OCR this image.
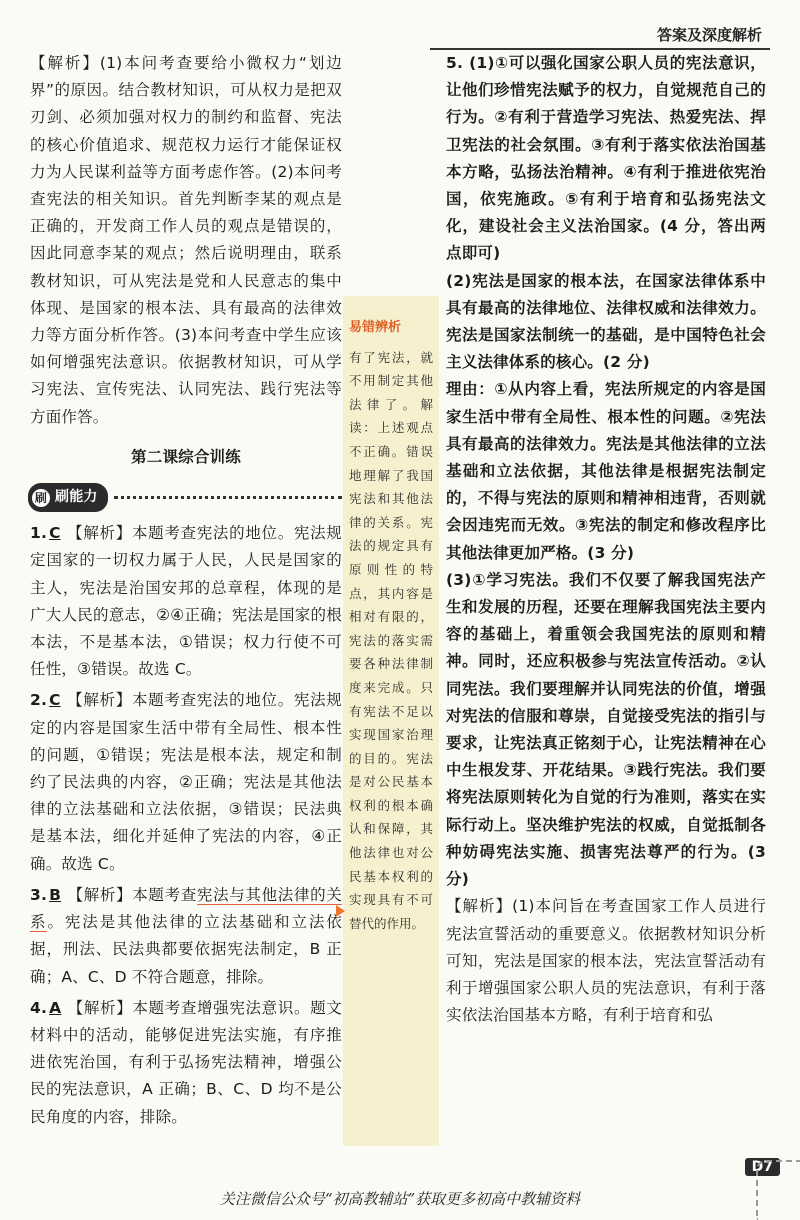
答案及深度解析

【解析】(1)本问考查要给小微权力“划边界”的原因。结合教材知识，可从权力是把双刃剑、必须加强对权力的制约和监督、宪法的核心价值追求、规范权力运行才能保证权力为人民谋利益等方面考虑作答。(2)本问考查宪法的相关知识。首先判断李某的观点是正确的，开发商工作人员的观点是错误的，因此同意李某的观点；然后说明理由，联系教材知识，可从宪法是党和人民意志的集中体现、是国家的根本法、具有最高的法律效力等方面分析作答。(3)本问考查中学生应该如何增强宪法意识。依据教材知识，可从学习宪法、宣传宪法、认同宪法、践行宪法等方面作答。

第二课综合训练
刷 刷能力

1. C 【解析】本题考查宪法的地位。宪法规定国家的一切权力属于人民，人民是国家的主人，宪法是治国安邦的总章程，体现的是广大人民的意志，②④正确；宪法是国家的根本法，不是基本法，①错误；权力行使不可任性，③错误。故选 C。

2. C 【解析】本题考查宪法的地位。宪法规定的内容是国家生活中带有全局性、根本性的问题，①错误；宪法是根本法，规定和制约了民法典的内容，②正确；宪法是其他法律的立法基础和立法依据，③错误；民法典是基本法，细化并延伸了宪法的内容，④正确。故选 C。

3. B 【解析】本题考查宪法与其他法律的关系。宪法是其他法律的立法基础和立法依据，刑法、民法典都要依据宪法制定，B 正确；A、C、D 不符合题意，排除。

4. A 【解析】本题考查增强宪法意识。题文材料中的活动，能够促进宪法实施，有序推进依宪治国，有利于弘扬宪法精神，增强公民的宪法意识，A 正确；B、C、D 均不是公民角度的内容，排除。

易错辨析

有了宪法，就不用制定其他法律了。解读：上述观点不正确。错误地理解了我国宪法和其他法律的关系。宪法的规定具有原则性的特点，其内容是相对有限的，宪法的落实需要各种法律制度来完成。只有宪法不足以实现国家治理的目的。宪法是对公民基本权利的根本确认和保障，其他法律也对公民基本权利的实现具有不可替代的作用。

5. (1)①可以强化国家公职人员的宪法意识，让他们珍惜宪法赋予的权力，自觉规范自己的行为。②有利于营造学习宪法、热爱宪法、捍卫宪法的社会氛围。③有利于落实依法治国基本方略，弘扬法治精神。④有利于推进依宪治国，依宪施政。⑤有利于培育和弘扬宪法文化，建设社会主义法治国家。(4 分，答出两点即可)

(2)宪法是国家的根本法，在国家法律体系中具有最高的法律地位、法律权威和法律效力。宪法是国家法制统一的基础，是中国特色社会主义法律体系的核心。(2 分)

理由：①从内容上看，宪法所规定的内容是国家生活中带有全局性、根本性的问题。②宪法具有最高的法律效力。宪法是其他法律的立法基础和立法依据，其他法律是根据宪法制定的，不得与宪法的原则和精神相违背，否则就会因违宪而无效。③宪法的制定和修改程序比其他法律更加严格。(3 分)

(3)①学习宪法。我们不仅要了解我国宪法产生和发展的历程，还要在理解我国宪法主要内容的基础上，着重领会我国宪法的原则和精神。同时，还应积极参与宪法宣传活动。②认同宪法。我们要理解并认同宪法的价值，增强对宪法的信服和尊崇，自觉接受宪法的指引与要求，让宪法真正铭刻于心，让宪法精神在心中生根发芽、开花结果。③践行宪法。我们要将宪法原则转化为自觉的行为准则，落实在实际行动上。坚决维护宪法的权威，自觉抵制各种妨碍宪法实施、损害宪法尊严的行为。(3 分)

【解析】(1)本问旨在考查国家工作人员进行宪法宣誓活动的重要意义。依据教材知识分析可知，宪法是国家的根本法，宪法宣誓活动有利于增强国家公职人员的宪法意识，有利于落实依法治国基本方略，有利于培育和弘

D7
关注微信公众号“初高教辅站”获取更多初高中教辅资料
